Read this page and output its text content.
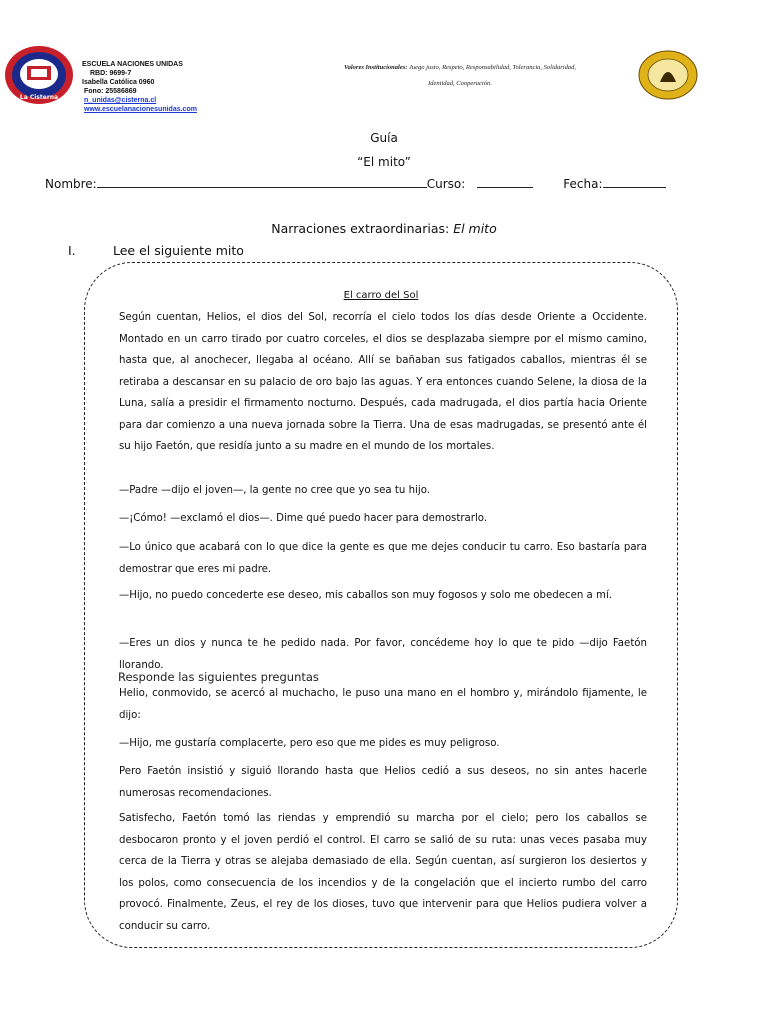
La Cisterna
ESCUELA NACIONES UNIDAS
RBD: 9699-7
Isabella Católica 0960
Fono: 25586869
n_unidas@cisterna.cl
www.escuelanacionesunidas.com
Valores Institucionales: Juego justo, Respeto, Responsabilidad, Tolerancia, Solidaridad,
Identidad, Cooperación.
Guía
“El mito”
Nombre:	Curso:	Fecha:
Narraciones extraordinarias: El mito
I.	Lee el siguiente mito
El carro del Sol
Según cuentan, Helios, el dios del Sol, recorría el cielo todos los días desde Oriente a Occidente. Montado en un carro tirado por cuatro corceles, el dios se desplazaba siempre por el mismo camino, hasta que, al anochecer, llegaba al océano. Allí se bañaban sus fatigados caballos, mientras él se retiraba a descansar en su palacio de oro bajo las aguas. Y era entonces cuando Selene, la diosa de la Luna, salía a presidir el firmamento nocturno. Después, cada madrugada, el dios partía hacia Oriente para dar comienzo a una nueva jornada sobre la Tierra. Una de esas madrugadas, se presentó ante él su hijo Faetón, que residía junto a su madre en el mundo de los mortales.
—Padre —dijo el joven—, la gente no cree que yo sea tu hijo.
—¡Cómo! —exclamó el dios—. Dime qué puedo hacer para demostrarlo.
—Lo único que acabará con lo que dice la gente es que me dejes conducir tu carro. Eso bastaría para demostrar que eres mi padre.
—Hijo, no puedo concederte ese deseo, mis caballos son muy fogosos y solo me obedecen a mí.
—Eres un dios y nunca te he pedido nada. Por favor, concédeme hoy lo que te pido —dijo Faetón llorando.
Helio, conmovido, se acercó al muchacho, le puso una mano en el hombro y, mirándolo fijamente, le dijo:
—Hijo, me gustaría complacerte, pero eso que me pides es muy peligroso.
Pero Faetón insistió y siguió llorando hasta que Helios cedió a sus deseos, no sin antes hacerle numerosas recomendaciones.
Satisfecho, Faetón tomó las riendas y emprendió su marcha por el cielo; pero los caballos se desbocaron pronto y el joven perdió el control. El carro se salió de su ruta: unas veces pasaba muy cerca de la Tierra y otras se alejaba demasiado de ella. Según cuentan, así surgieron los desiertos y los polos, como consecuencia de los incendios y de la congelación que el incierto rumbo del carro provocó. Finalmente, Zeus, el rey de los dioses, tuvo que intervenir para que Helios pudiera volver a conducir su carro.
Responde las siguientes preguntas
